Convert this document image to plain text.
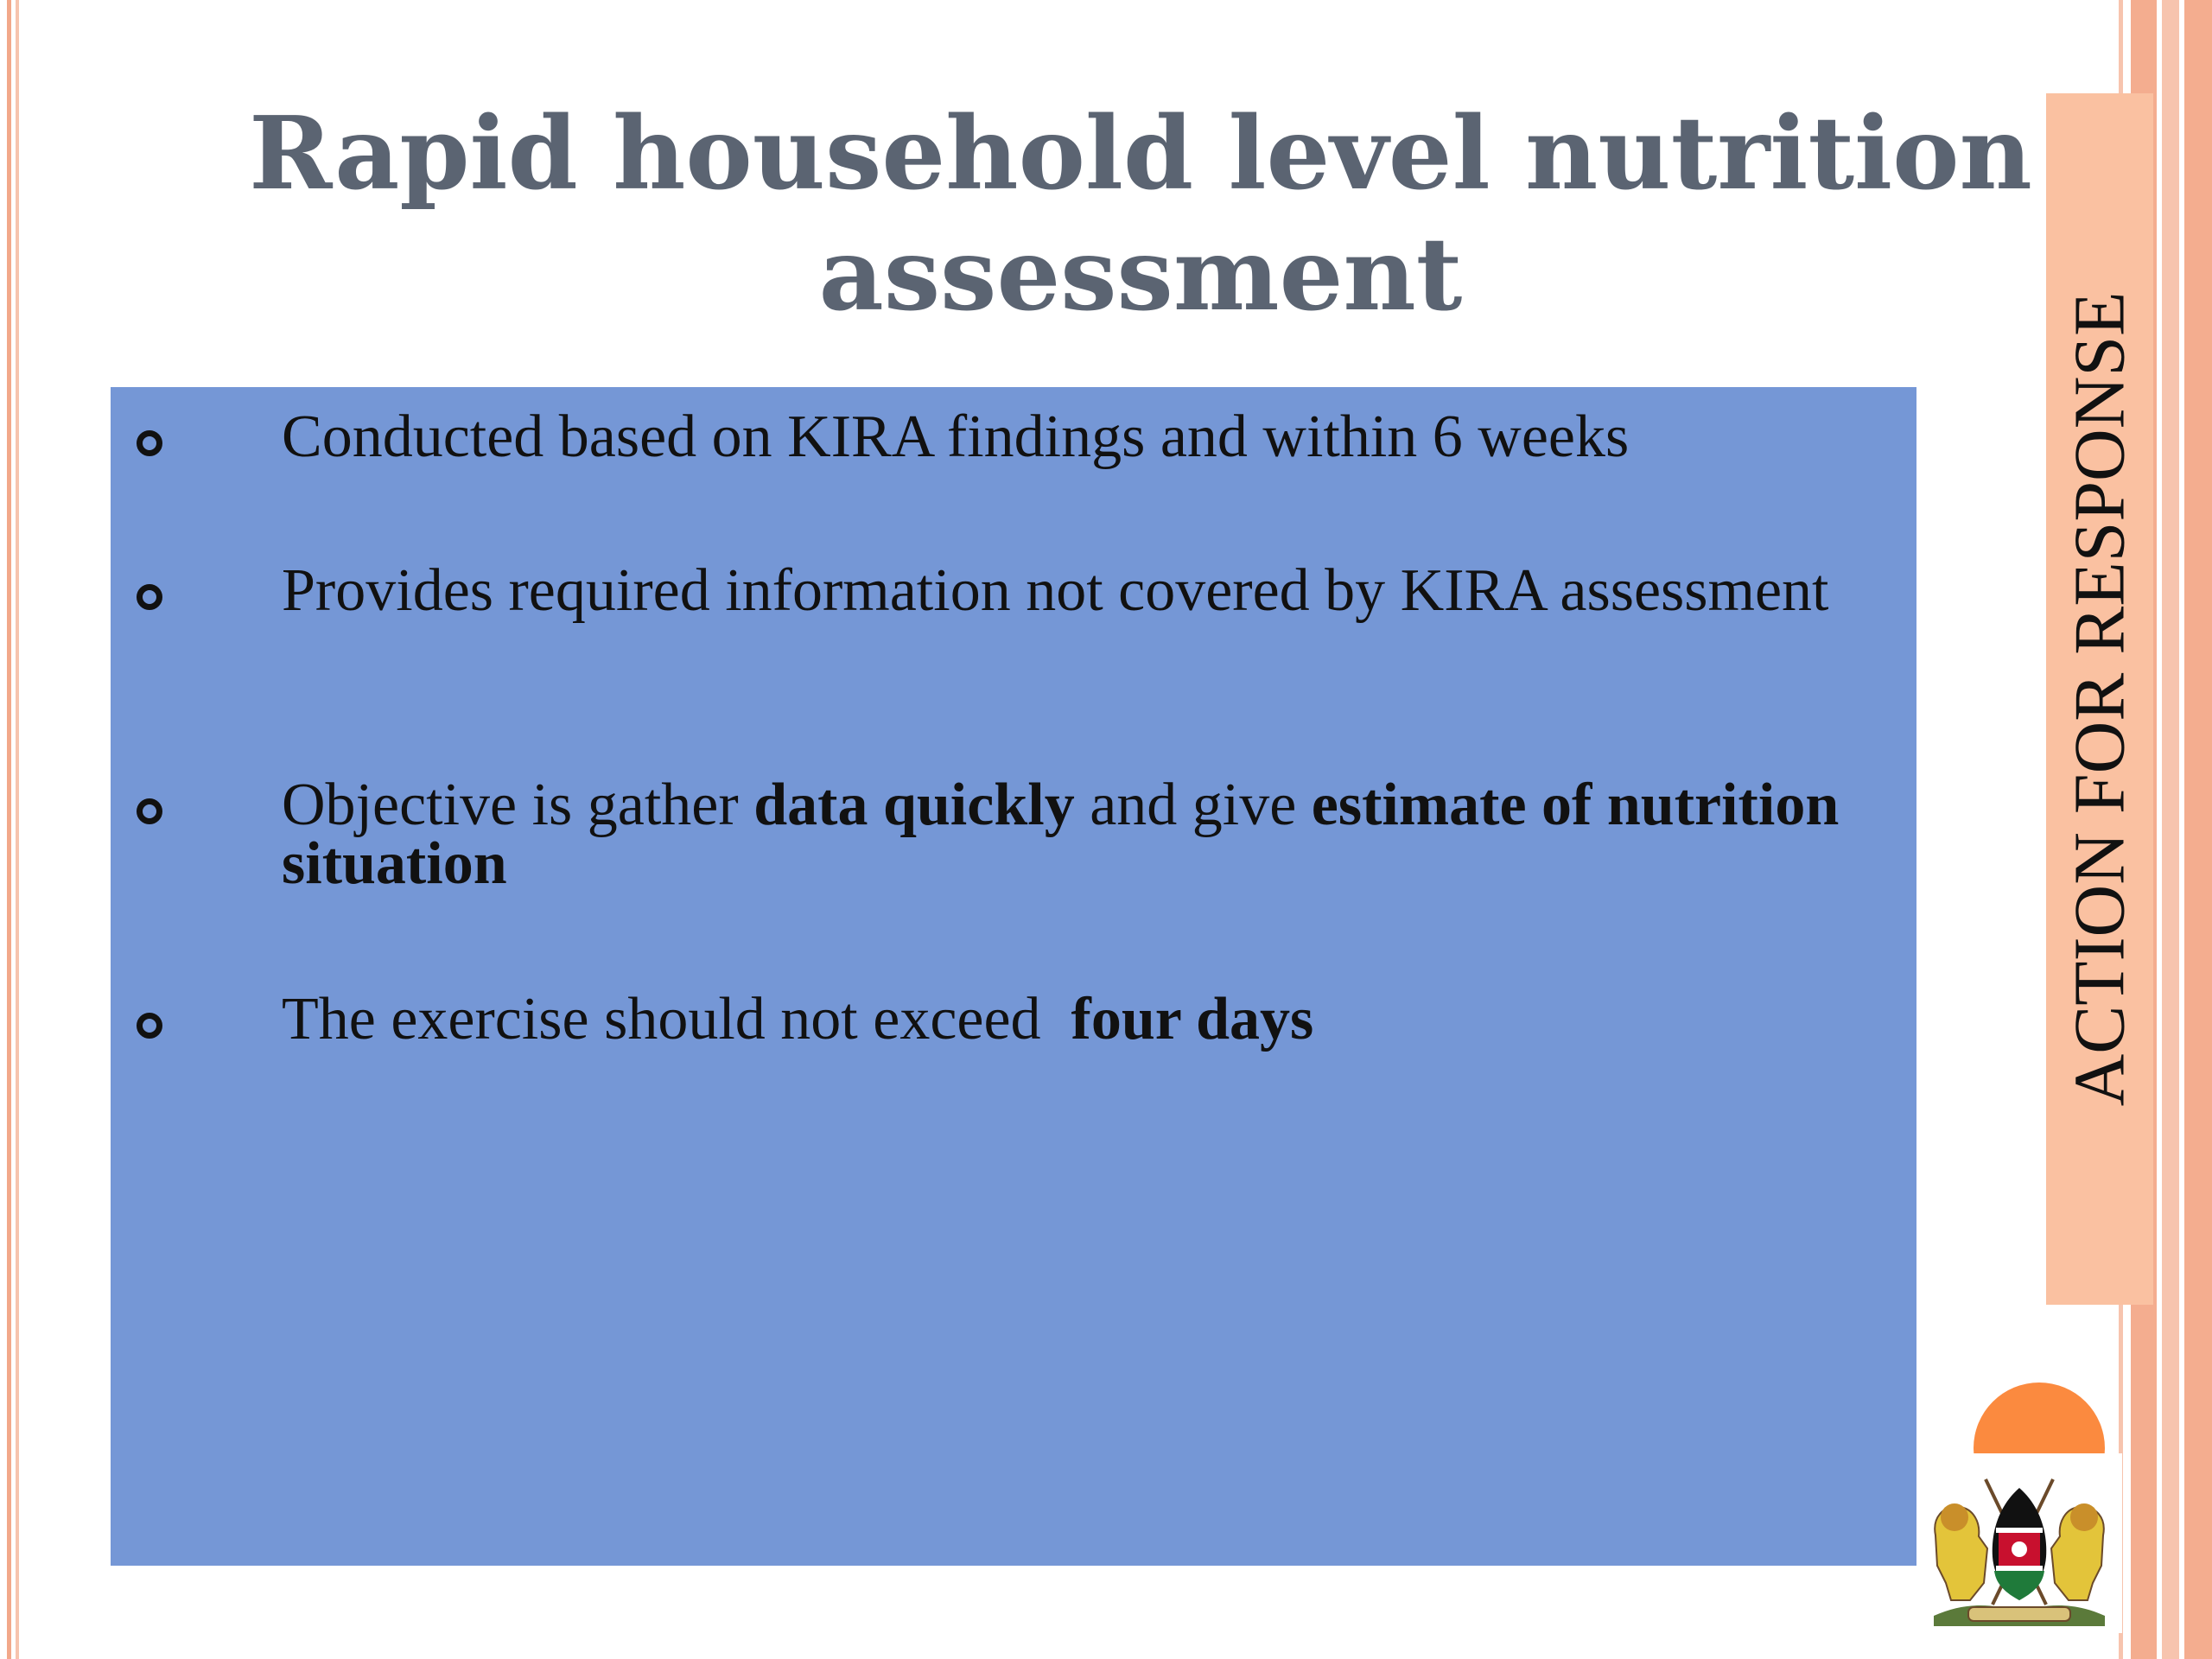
Rapid household level nutrition assessment
Conducted based on KIRA findings and within 6 weeks
Provides required information not covered by KIRA assessment
Objective is gather data quickly and give estimate of nutrition situation
The exercise should not exceed  four days	ACTION FOR RESPONSE
